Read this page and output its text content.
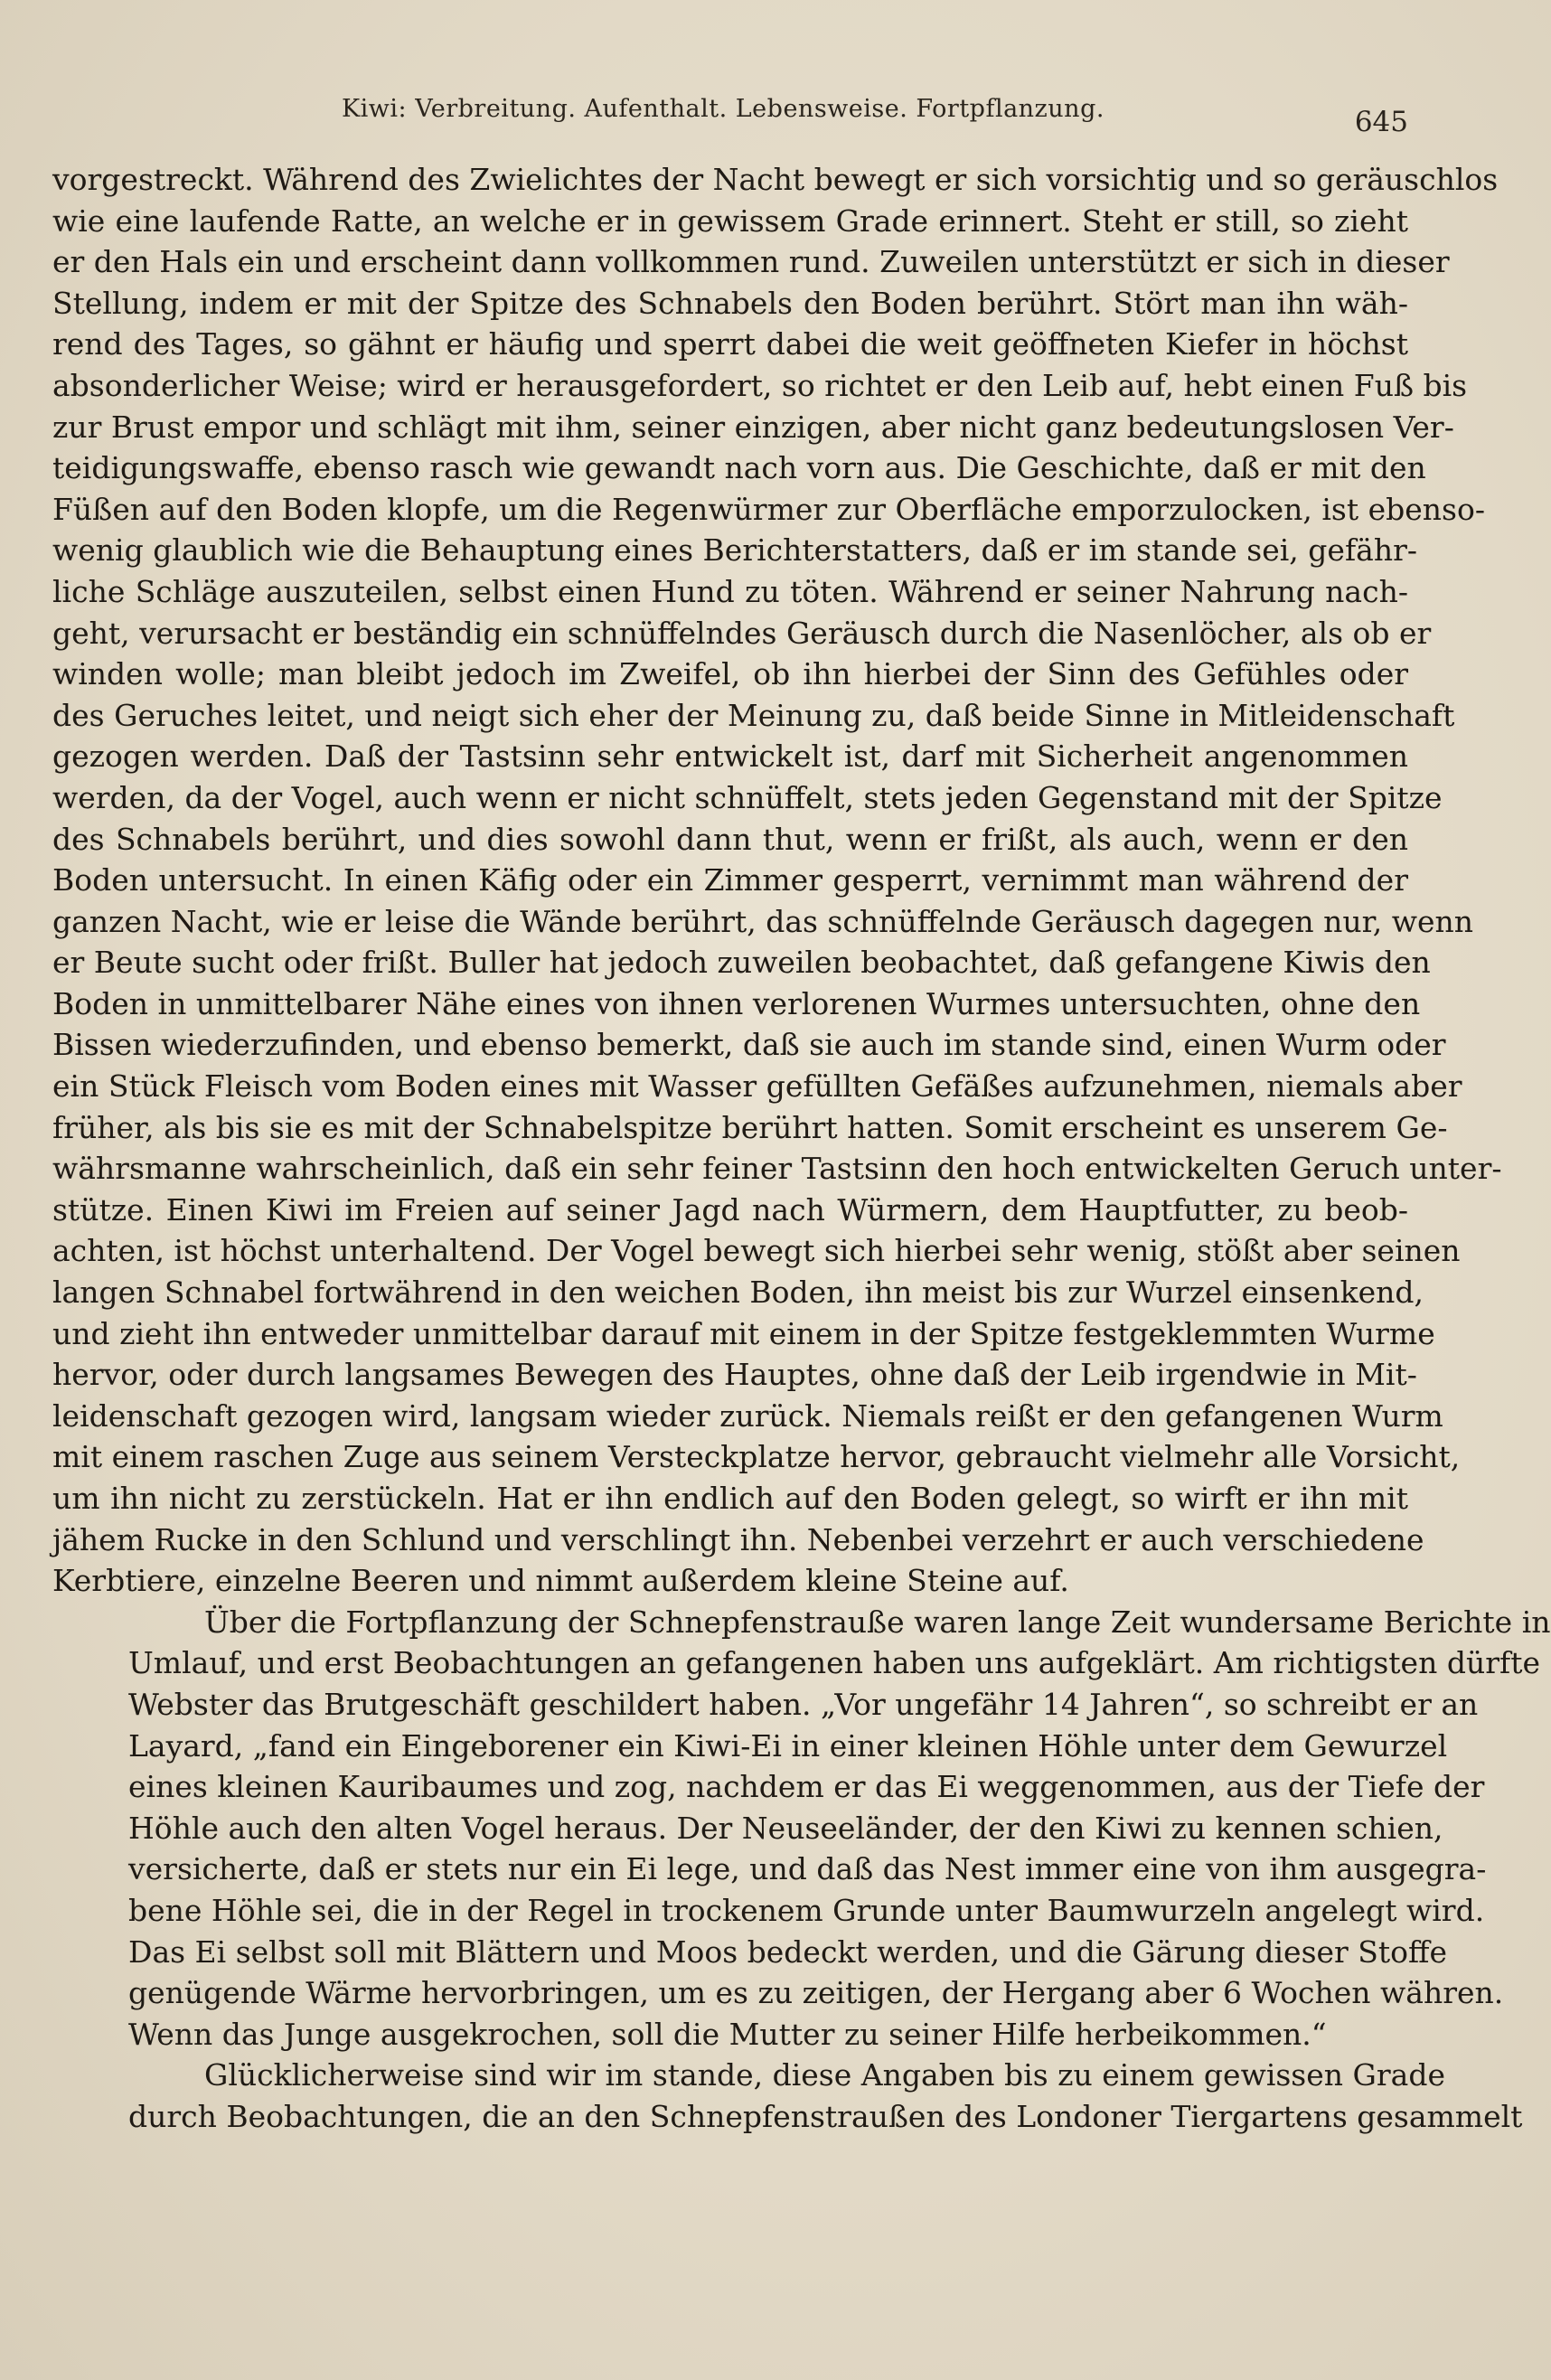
Kiwi: Verbreitung. Aufenthalt. Lebensweise. Fortpflanzung.	645
vorgestreckt. Während des Zwielichtes der Nacht bewegt er sich vorsichtig und so geräuschlos
wie eine laufende Ratte, an welche er in gewissem Grade erinnert. Steht er still, so zieht
er den Hals ein und erscheint dann vollkommen rund. Zuweilen unterstützt er sich in dieser
Stellung, indem er mit der Spitze des Schnabels den Boden berührt. Stört man ihn wäh-
rend des Tages, so gähnt er häufig und sperrt dabei die weit geöffneten Kiefer in höchst
absonderlicher Weise; wird er herausgefordert, so richtet er den Leib auf, hebt einen Fuß bis
zur Brust empor und schlägt mit ihm, seiner einzigen, aber nicht ganz bedeutungslosen Ver-
teidigungswaffe, ebenso rasch wie gewandt nach vorn aus. Die Geschichte, daß er mit den
Füßen auf den Boden klopfe, um die Regenwürmer zur Oberfläche emporzulocken, ist ebenso-
wenig glaublich wie die Behauptung eines Berichterstatters, daß er im stande sei, gefähr-
liche Schläge auszuteilen, selbst einen Hund zu töten. Während er seiner Nahrung nach-
geht, verursacht er beständig ein schnüffelndes Geräusch durch die Nasenlöcher, als ob er
winden wolle; man bleibt jedoch im Zweifel, ob ihn hierbei der Sinn des Gefühles oder
des Geruches leitet, und neigt sich eher der Meinung zu, daß beide Sinne in Mitleidenschaft
gezogen werden. Daß der Tastsinn sehr entwickelt ist, darf mit Sicherheit angenommen
werden, da der Vogel, auch wenn er nicht schnüffelt, stets jeden Gegenstand mit der Spitze
des Schnabels berührt, und dies sowohl dann thut, wenn er frißt, als auch, wenn er den
Boden untersucht. In einen Käfig oder ein Zimmer gesperrt, vernimmt man während der
ganzen Nacht, wie er leise die Wände berührt, das schnüffelnde Geräusch dagegen nur, wenn
er Beute sucht oder frißt. Buller hat jedoch zuweilen beobachtet, daß gefangene Kiwis den
Boden in unmittelbarer Nähe eines von ihnen verlorenen Wurmes untersuchten, ohne den
Bissen wiederzufinden, und ebenso bemerkt, daß sie auch im stande sind, einen Wurm oder
ein Stück Fleisch vom Boden eines mit Wasser gefüllten Gefäßes aufzunehmen, niemals aber
früher, als bis sie es mit der Schnabelspitze berührt hatten. Somit erscheint es unserem Ge-
währsmanne wahrscheinlich, daß ein sehr feiner Tastsinn den hoch entwickelten Geruch unter-
stütze. Einen Kiwi im Freien auf seiner Jagd nach Würmern, dem Hauptfutter, zu beob-
achten, ist höchst unterhaltend. Der Vogel bewegt sich hierbei sehr wenig, stößt aber seinen
langen Schnabel fortwährend in den weichen Boden, ihn meist bis zur Wurzel einsenkend,
und zieht ihn entweder unmittelbar darauf mit einem in der Spitze festgeklemmten Wurme
hervor, oder durch langsames Bewegen des Hauptes, ohne daß der Leib irgendwie in Mit-
leidenschaft gezogen wird, langsam wieder zurück. Niemals reißt er den gefangenen Wurm
mit einem raschen Zuge aus seinem Versteckplatze hervor, gebraucht vielmehr alle Vorsicht,
um ihn nicht zu zerstückeln. Hat er ihn endlich auf den Boden gelegt, so wirft er ihn mit
jähem Rucke in den Schlund und verschlingt ihn. Nebenbei verzehrt er auch verschiedene
Kerbtiere, einzelne Beeren und nimmt außerdem kleine Steine auf.
Über die Fortpflanzung der Schnepfenstrauße waren lange Zeit wundersame Berichte in
Umlauf, und erst Beobachtungen an gefangenen haben uns aufgeklärt. Am richtigsten dürfte
Webster das Brutgeschäft geschildert haben. „Vor ungefähr 14 Jahren“, so schreibt er an
Layard, „fand ein Eingeborener ein Kiwi-Ei in einer kleinen Höhle unter dem Gewurzel
eines kleinen Kauribaumes und zog, nachdem er das Ei weggenommen, aus der Tiefe der
Höhle auch den alten Vogel heraus. Der Neuseeländer, der den Kiwi zu kennen schien,
versicherte, daß er stets nur ein Ei lege, und daß das Nest immer eine von ihm ausgegra-
bene Höhle sei, die in der Regel in trockenem Grunde unter Baumwurzeln angelegt wird.
Das Ei selbst soll mit Blättern und Moos bedeckt werden, und die Gärung dieser Stoffe
genügende Wärme hervorbringen, um es zu zeitigen, der Hergang aber 6 Wochen währen.
Wenn das Junge ausgekrochen, soll die Mutter zu seiner Hilfe herbeikommen.“
Glücklicherweise sind wir im stande, diese Angaben bis zu einem gewissen Grade
durch Beobachtungen, die an den Schnepfenstraußen des Londoner Tiergartens gesammelt
